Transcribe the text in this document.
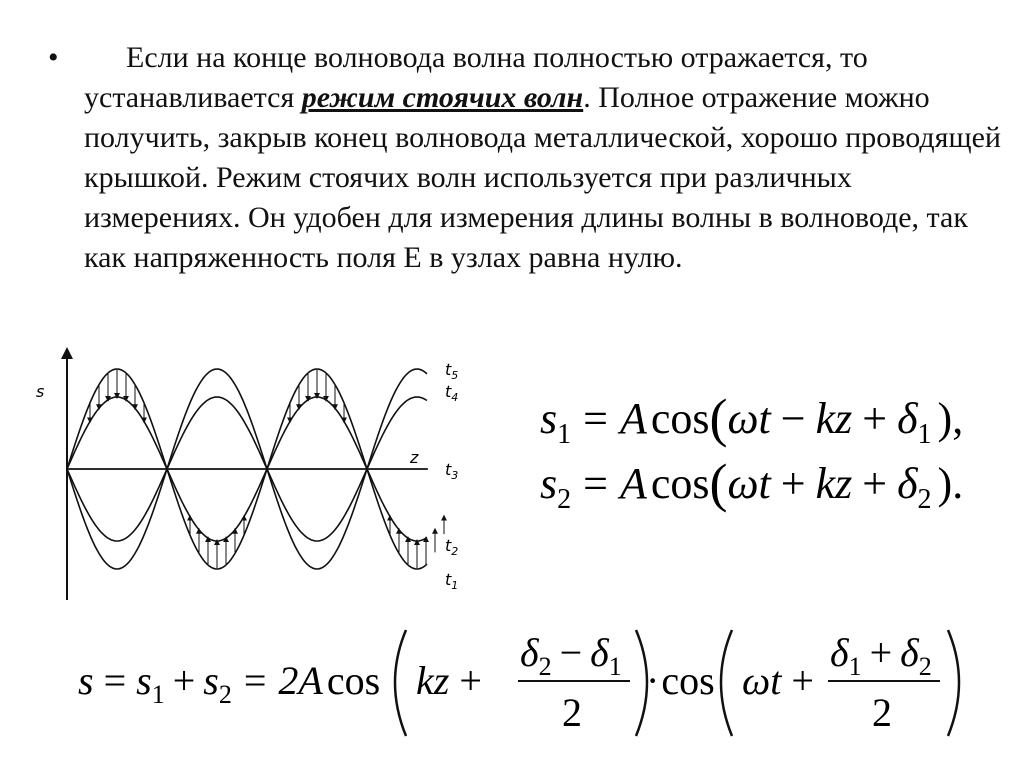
•	Если на конце волновода волна полностью отражается, то устанавливается режим стоячих волн. Полное отражение можно получить, закрыв конец волновода металлической, хорошо проводящей крышкой. Режим стоячих волн используется при различных измерениях. Он удобен для измерения длины волны в волноводе, так как напряженность поля E в узлах равна нулю.
s
z
$t_5$
$t_4$
$t_3$
$t_2$
$t_1$
$s_1 = Acos(\omega t$ − kz + $\delta_1$ ),
$s_2 = Acos(\omega t$ + kz + $\delta_2$ ).
$s = s_1 + s_2 = 2A$ cos kz +
$\delta_2 - \delta_1$
2
·cos ωt +
$\delta_1 + \delta_2$
2
